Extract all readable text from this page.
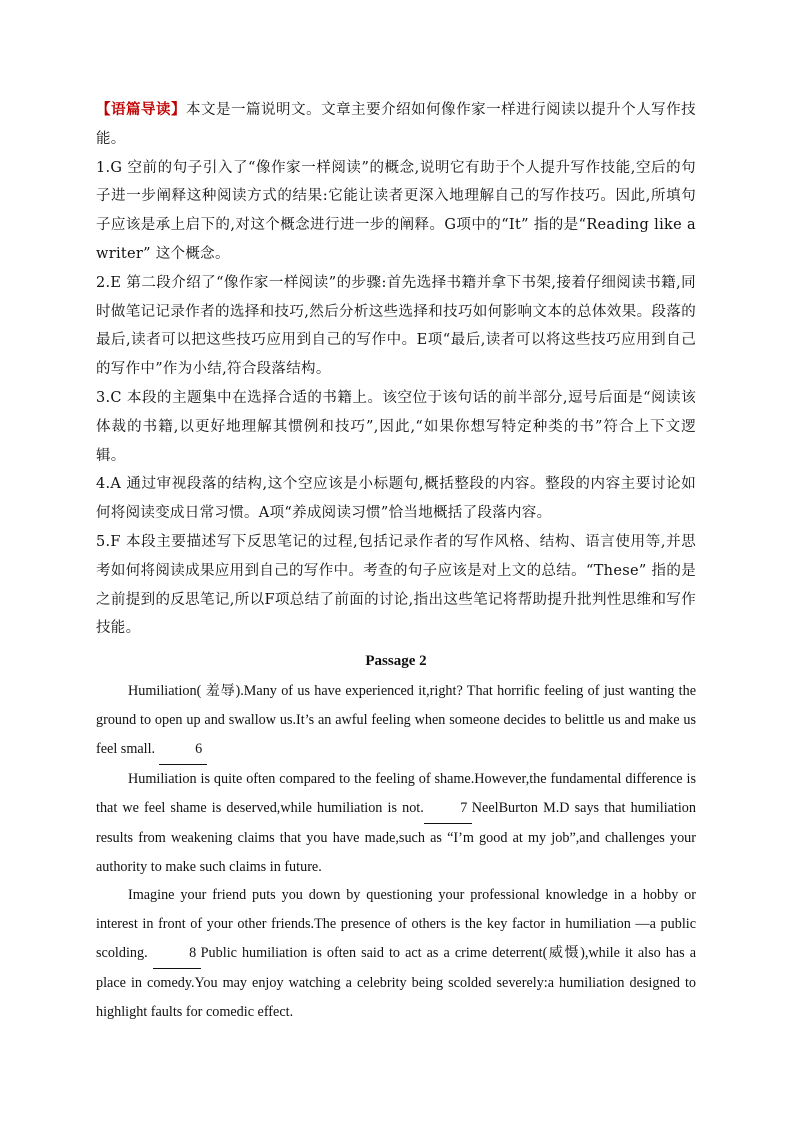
【语篇导读】本文是一篇说明文。文章主要介绍如何像作家一样进行阅读以提升个人写作技能。

1.G 空前的句子引入了“像作家一样阅读”的概念,说明它有助于个人提升写作技能,空后的句子进一步阐释这种阅读方式的结果:它能让读者更深入地理解自己的写作技巧。因此,所填句子应该是承上启下的,对这个概念进行进一步的阐释。G项中的“It” 指的是“Reading like a writer” 这个概念。

2.E 第二段介绍了“像作家一样阅读”的步骤:首先选择书籍并拿下书架,接着仔细阅读书籍,同时做笔记记录作者的选择和技巧,然后分析这些选择和技巧如何影响文本的总体效果。段落的最后,读者可以把这些技巧应用到自己的写作中。E项“最后,读者可以将这些技巧应用到自己的写作中”作为小结,符合段落结构。

3.C 本段的主题集中在选择合适的书籍上。该空位于该句话的前半部分,逗号后面是“阅读该体裁的书籍,以更好地理解其惯例和技巧”,因此,“如果你想写特定种类的书”符合上下文逻辑。

4.A 通过审视段落的结构,这个空应该是小标题句,概括整段的内容。整段的内容主要讨论如何将阅读变成日常习惯。A项“养成阅读习惯”恰当地概括了段落内容。

5.F 本段主要描述写下反思笔记的过程,包括记录作者的写作风格、结构、语言使用等,并思考如何将阅读成果应用到自己的写作中。考查的句子应该是对上文的总结。“These” 指的是之前提到的反思笔记,所以F项总结了前面的讨论,指出这些笔记将帮助提升批判性思维和写作技能。

Passage 2

Humiliation( 羞辱).Many of us have experienced it,right? That horrific feeling of just wanting the ground to open up and swallow us.It’s an awful feeling when someone decides to belittle us and make us feel small.	6

Humiliation is quite often compared to the feeling of shame.However,the fundamental difference is that we feel shame is deserved,while humiliation is not.	7 NeelBurton M.D says that humiliation results from weakening claims that you have made,such as “I’m good at my job”,and challenges your authority to make such claims in future.

Imagine your friend puts you down by questioning your professional knowledge in a hobby or interest in front of your other friends.The presence of others is the key factor in humiliation —a public scolding.	8 Public humiliation is often said to act as a crime deterrent(威慑),while it also has a place in comedy.You may enjoy watching a celebrity being scolded severely:a humiliation designed to highlight faults for comedic effect.
